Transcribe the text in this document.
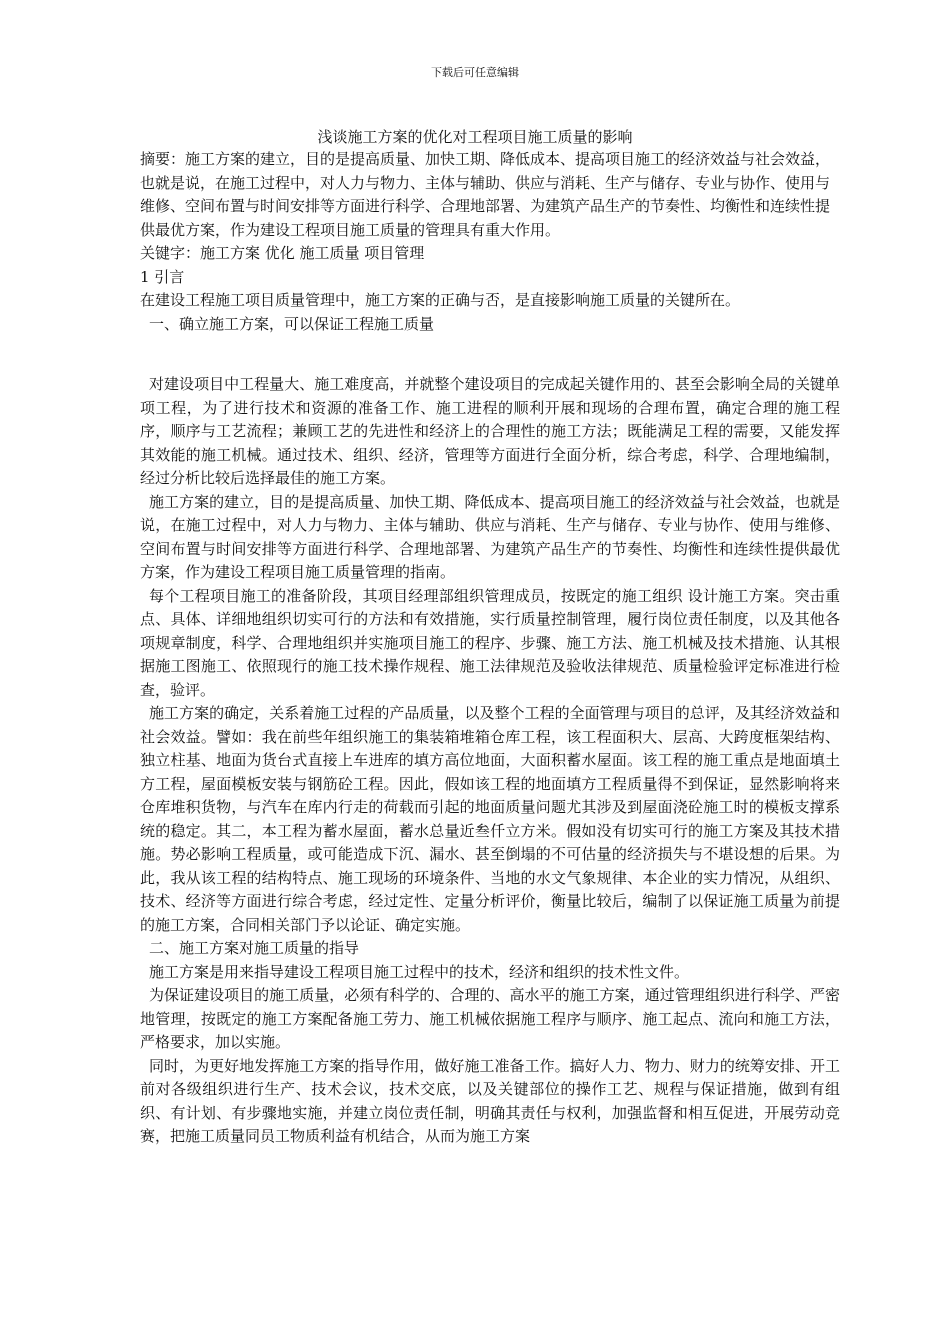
下载后可任意编辑
浅谈施工方案的优化对工程项目施工质量的影响

摘要：施工方案的建立，目的是提高质量、加快工期、降低成本、提高项目施工的经济效益与社会效益，也就是说，在施工过程中，对人力与物力、主体与辅助、供应与消耗、生产与储存、专业与协作、使用与维修、空间布置与时间安排等方面进行科学、合理地部署、为建筑产品生产的节奏性、均衡性和连续性提供最优方案，作为建设工程项目施工质量的管理具有重大作用。

关键字：施工方案 优化 施工质量 项目管理

1 引言

在建设工程施工项目质量管理中，施工方案的正确与否，是直接影响施工质量的关键所在。

一、确立施工方案，可以保证工程施工质量

对建设项目中工程量大、施工难度高，并就整个建设项目的完成起关键作用的、甚至会影响全局的关键单项工程，为了进行技术和资源的准备工作、施工进程的顺利开展和现场的合理布置，确定合理的施工程序，顺序与工艺流程；兼顾工艺的先进性和经济上的合理性的施工方法；既能满足工程的需要，又能发挥其效能的施工机械。通过技术、组织、经济，管理等方面进行全面分析，综合考虑，科学、合理地编制，经过分析比较后选择最佳的施工方案。

施工方案的建立，目的是提高质量、加快工期、降低成本、提高项目施工的经济效益与社会效益，也就是说，在施工过程中，对人力与物力、主体与辅助、供应与消耗、生产与储存、专业与协作、使用与维修、空间布置与时间安排等方面进行科学、合理地部署、为建筑产品生产的节奏性、均衡性和连续性提供最优方案，作为建设工程项目施工质量管理的指南。

每个工程项目施工的准备阶段，其项目经理部组织管理成员，按既定的施工组织 设计施工方案。突击重点、具体、详细地组织切实可行的方法和有效措施，实行质量控制管理，履行岗位责任制度，以及其他各项规章制度，科学、合理地组织并实施项目施工的程序、步骤、施工方法、施工机械及技术措施、认其根据施工图施工、依照现行的施工技术操作规程、施工法律规范及验收法律规范、质量检验评定标准进行检查，验评。

施工方案的确定，关系着施工过程的产品质量，以及整个工程的全面管理与项目的总评，及其经济效益和社会效益。譬如：我在前些年组织施工的集装箱堆箱仓库工程，该工程面积大、层高、大跨度框架结构、独立柱基、地面为货台式直接上车进库的填方高位地面，大面积蓄水屋面。该工程的施工重点是地面填土方工程，屋面模板安装与钢筋砼工程。因此，假如该工程的地面填方工程质量得不到保证，显然影响将来仓库堆积货物，与汽车在库内行走的荷载而引起的地面质量问题尤其涉及到屋面浇砼施工时的模板支撑系统的稳定。其二，本工程为蓄水屋面，蓄水总量近叁仟立方米。假如没有切实可行的施工方案及其技术措施。势必影响工程质量，或可能造成下沉、漏水、甚至倒塌的不可估量的经济损失与不堪设想的后果。为此，我从该工程的结构特点、施工现场的环境条件、当地的水文气象规律、本企业的实力情况，从组织、技术、经济等方面进行综合考虑，经过定性、定量分析评价，衡量比较后，编制了以保证施工质量为前提的施工方案，合同相关部门予以论证、确定实施。

二、施工方案对施工质量的指导

施工方案是用来指导建设工程项目施工过程中的技术，经济和组织的技术性文件。

为保证建设项目的施工质量，必须有科学的、合理的、高水平的施工方案，通过管理组织进行科学、严密地管理，按既定的施工方案配备施工劳力、施工机械依据施工程序与顺序、施工起点、流向和施工方法，严格要求，加以实施。

同时，为更好地发挥施工方案的指导作用，做好施工准备工作。搞好人力、物力、财力的统筹安排、开工前对各级组织进行生产、技术会议，技术交底，以及关键部位的操作工艺、规程与保证措施，做到有组织、有计划、有步骤地实施，并建立岗位责任制，明确其责任与权利，加强监督和相互促进，开展劳动竞赛，把施工质量同员工物质利益有机结合，从而为施工方案
